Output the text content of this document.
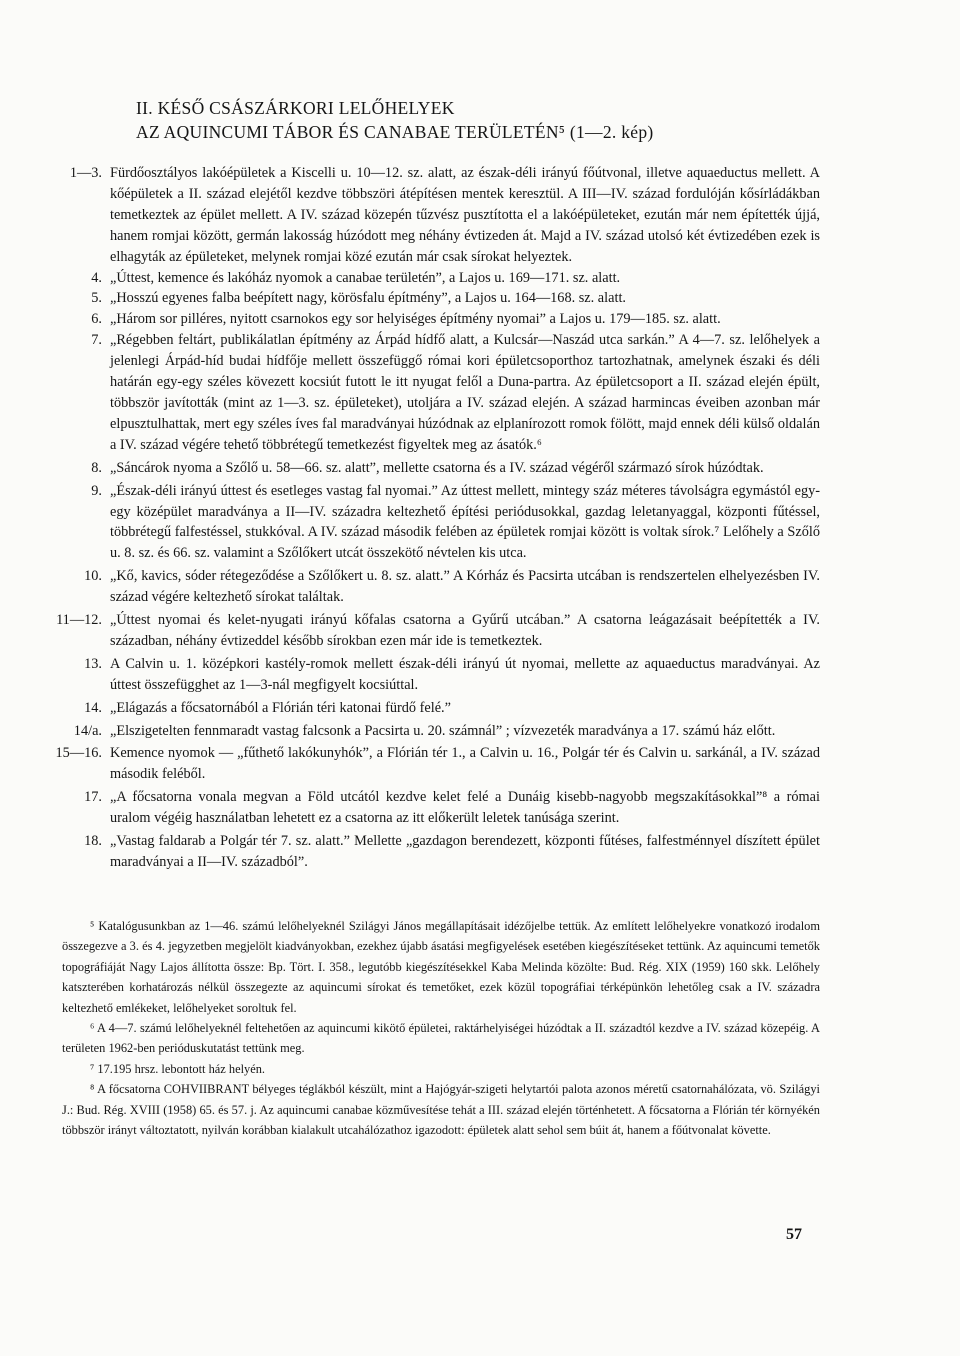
II. KÉSŐ CSÁSZÁRKORI LELŐHELYEK
AZ AQUINCUMI TÁBOR ÉS CANABAE TERÜLETÉN⁵ (1—2. kép)
1—3. Fürdőosztályos lakóépületek a Kiscelli u. 10—12. sz. alatt, az észak-déli irányú főútvonal, illetve aquaeductus mellett. A kőépületek a II. század elejétől kezdve többszöri átépítésen mentek keresztül. A III—IV. század fordulóján kősírládákban temetkeztek az épület mellett. A IV. század közepén tűzvész pusztította el a lakóépületeket, ezután már nem építették újjá, hanem romjai között, germán lakosság húzódott meg néhány évtizeden át. Majd a IV. század utolsó két évtizedében ezek is elhagyták az épületeket, melynek romjai közé ezután már csak sírokat helyeztek.
4. „Úttest, kemence és lakóház nyomok a canabae területén”, a Lajos u. 169—171. sz. alatt.
5. „Hosszú egyenes falba beépített nagy, körösfalu építmény”, a Lajos u. 164—168. sz. alatt.
6. „Három sor pilléres, nyitott csarnokos egy sor helyiséges építmény nyomai” a Lajos u. 179—185. sz. alatt.
7. „Régebben feltárt, publikálatlan építmény az Árpád hídfő alatt, a Kulcsár—Naszád utca sarkán.” A 4—7. sz. lelőhelyek a jelenlegi Árpád-híd budai hídfője mellett összefüggő római kori épületcsoporthoz tartozhatnak, amelynek északi és déli határán egy-egy széles kövezett kocsiút futott le itt nyugat felől a Duna-partra. Az épületcsoport a II. század elején épült, többször javították (mint az 1—3. sz. épületeket), utoljára a IV. század elején. A század harmincas éveiben azonban már elpusztulhattak, mert egy széles íves fal maradványai húzódnak az elplanírozott romok fölött, majd ennek déli külső oldalán a IV. század végére tehető többrétegű temetkezést figyeltek meg az ásatók.⁶
8. „Sáncárok nyoma a Szőlő u. 58—66. sz. alatt”, mellette csatorna és a IV. század végéről származó sírok húzódtak.
9. „Észak-déli irányú úttest és esetleges vastag fal nyomai.” Az úttest mellett, mintegy száz méteres távolságra egymástól egy-egy középület maradványa a II—IV. századra keltezhető építési periódusokkal, gazdag leletanyaggal, központi fűtéssel, többrétegű falfestéssel, stukkóval. A IV. század második felében az épületek romjai között is voltak sírok.⁷ Lelőhely a Szőlő u. 8. sz. és 66. sz. valamint a Szőlőkert utcát összekötő névtelen kis utca.
10. „Kő, kavics, sóder rétegeződése a Szőlőkert u. 8. sz. alatt.” A Kórház és Pacsirta utcában is rendszertelen elhelyezésben IV. század végére keltezhető sírokat találtak.
11—12. „Úttest nyomai és kelet-nyugati irányú kőfalas csatorna a Gyűrű utcában.” A csatorna leágazásait beépítették a IV. században, néhány évtizeddel később sírokban ezen már ide is temetkeztek.
13. A Calvin u. 1. középkori kastély-romok mellett észak-déli irányú út nyomai, mellette az aquaeductus maradványai. Az úttest összefügghet az 1—3-nál megfigyelt kocsiúttal.
14. „Elágazás a főcsatornából a Flórián téri katonai fürdő felé.”
14/a. „Elszigetelten fennmaradt vastag falcsonk a Pacsirta u. 20. számnál” ; vízvezeték maradványa a 17. számú ház előtt.
15—16. Kemence nyomok — „fűthető lakókunyhók”, a Flórián tér 1., a Calvin u. 16., Polgár tér és Calvin u. sarkánál, a IV. század második feléből.
17. „A főcsatorna vonala megvan a Föld utcától kezdve kelet felé a Dunáig kisebb-nagyobb megszakításokkal”⁸ a római uralom végéig használatban lehetett ez a csatorna az itt előkerült leletek tanúsága szerint.
18. „Vastag faldarab a Polgár tér 7. sz. alatt.” Mellette „gazdagon berendezett, központi fűtéses, falfestménnyel díszített épület maradványai a II—IV. századból”.
⁵ Katalógusunkban az 1—46. számú lelőhelyeknél Szilágyi János megállapításait idézőjelbe tettük. Az említett lelőhelyekre vonatkozó irodalom összegezve a 3. és 4. jegyzetben megjelölt kiadványokban, ezekhez újabb ásatási megfigyelések esetében kiegészítéseket tettünk. Az aquincumi temetők topográfiáját Nagy Lajos állította össze: Bp. Tört. I. 358., legutóbb kiegészítésekkel Kaba Melinda közölte: Bud. Rég. XIX (1959) 160 skk. Lelőhely katszterében korhatározás nélkül összegezte az aquincumi sírokat és temetőket, ezek közül topográfiai térképünkön lehetőleg csak a IV. századra keltezhető emlékeket, lelőhelyeket soroltuk fel.
⁶ A 4—7. számú lelőhelyeknél feltehetően az aquincumi kikötő épületei, raktárhelyiségei húzódtak a II. századtól kezdve a IV. század közepéig. A területen 1962-ben perióduskutatást tettünk meg.
⁷ 17.195 hrsz. lebontott ház helyén.
⁸ A főcsatorna COHVIIBRANT bélyeges téglákból készült, mint a Hajógyár-szigeti helytartói palota azonos méretű csatornahálózata, vö. Szilágyi J.: Bud. Rég. XVIII (1958) 65. és 57. j. Az aquincumi canabae közművesítése tehát a III. század elején történhetett. A főcsatorna a Flórián tér környékén többször irányt változtatott, nyilván korábban kialakult utcahálózathoz igazodott: épületek alatt sehol sem búit át, hanem a főútvonalat követte.
57
